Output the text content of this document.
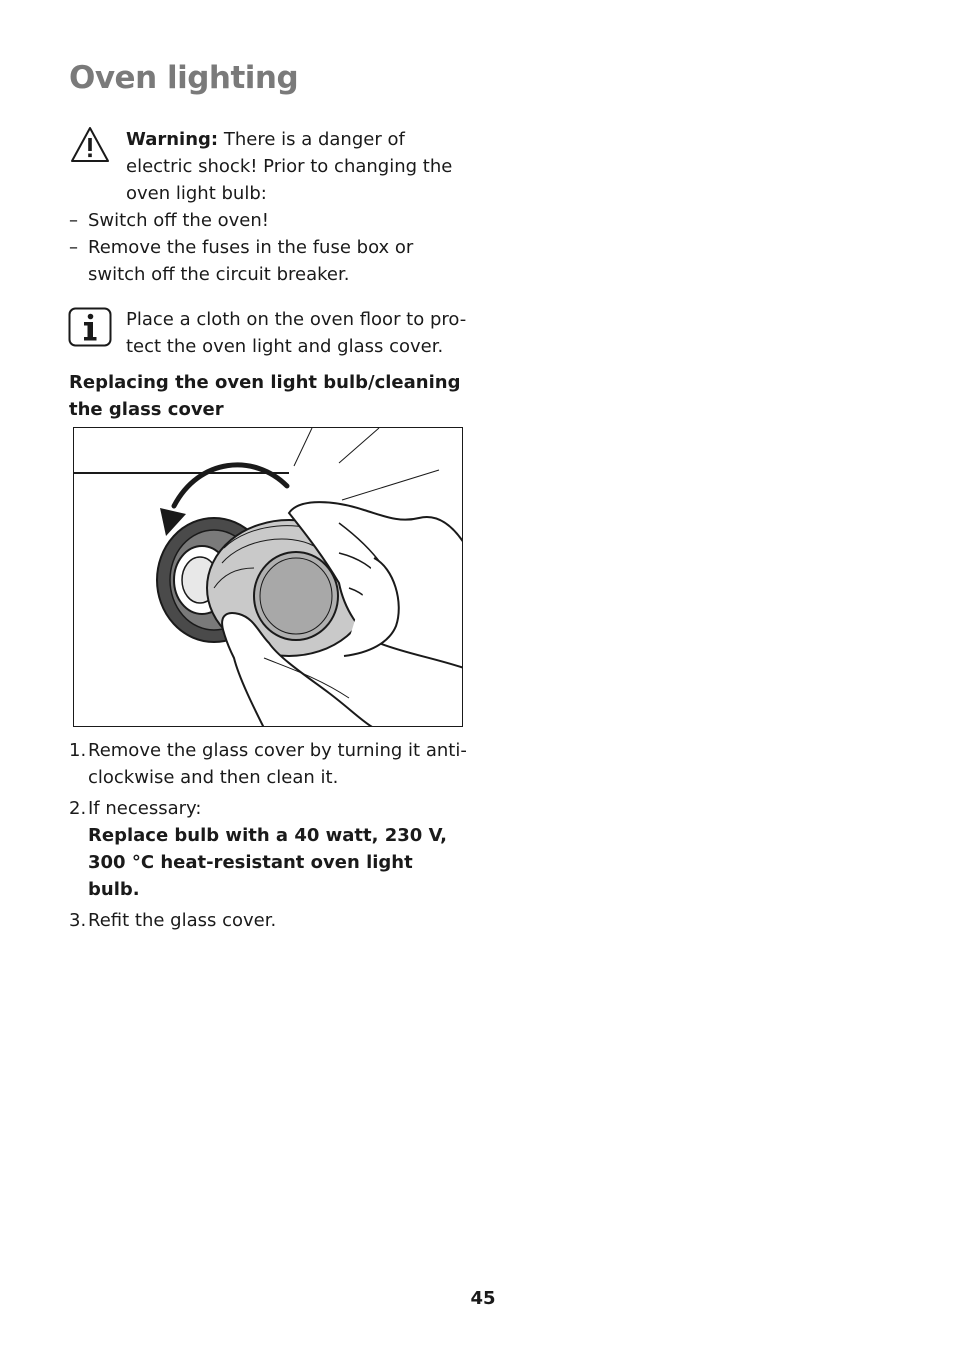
Oven lighting
Warning: There is a danger of electric shock! Prior to changing the oven light bulb:
– Switch off the oven!
– Remove the fuses in the fuse box or switch off the circuit breaker.
Place a cloth on the oven floor to pro-tect the oven light and glass cover.
Replacing the oven light bulb/cleaning the glass cover
1. Remove the glass cover by turning it anti-clockwise and then clean it.
2. If necessary:
Replace bulb with a 40 watt, 230 V, 300 °C heat-resistant oven light bulb.
3. Refit the glass cover.
45
